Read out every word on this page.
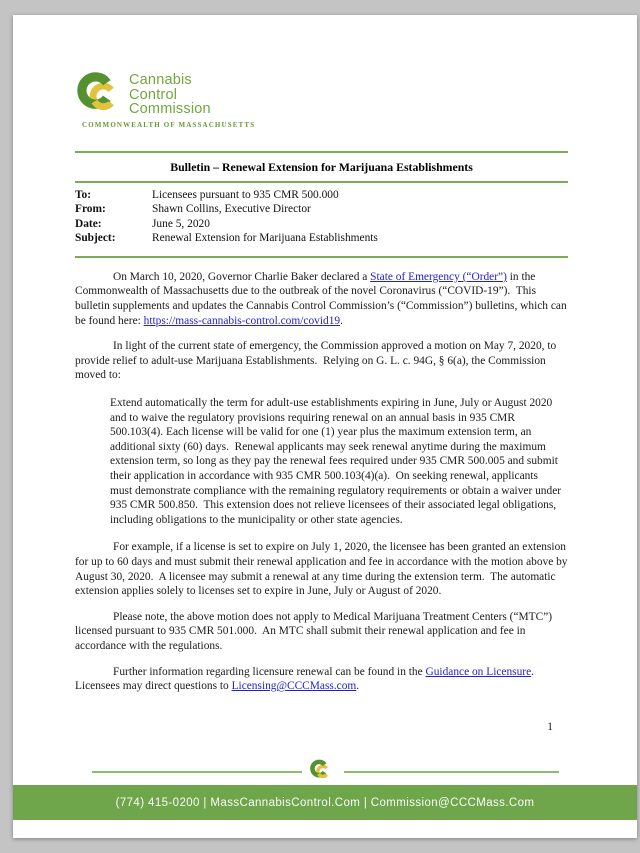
Cannabis
Control
Commission
COMMONWEALTH OF MASSACHUSETTS
Bulletin – Renewal Extension for Marijuana Establishments
To:	Licensees pursuant to 935 CMR 500.000
From:	Shawn Collins, Executive Director
Date:	June 5, 2020
Subject:	Renewal Extension for Marijuana Establishments

On March 10, 2020, Governor Charlie Baker declared a State of Emergency (“Order”) in the Commonwealth of Massachusetts due to the outbreak of the novel Coronavirus (“COVID-19”).  This bulletin supplements and updates the Cannabis Control Commission’s (“Commission”) bulletins, which can be found here: https://mass-cannabis-control.com/covid19.

In light of the current state of emergency, the Commission approved a motion on May 7, 2020, to provide relief to adult-use Marijuana Establishments.  Relying on G. L. c. 94G, § 6(a), the Commission moved to:

Extend automatically the term for adult-use establishments expiring in June, July or August 2020 and to waive the regulatory provisions requiring renewal on an annual basis in 935 CMR 500.103(4). Each license will be valid for one (1) year plus the maximum extension term, an additional sixty (60) days.  Renewal applicants may seek renewal anytime during the maximum extension term, so long as they pay the renewal fees required under 935 CMR 500.005 and submit their application in accordance with 935 CMR 500.103(4)(a).  On seeking renewal, applicants must demonstrate compliance with the remaining regulatory requirements or obtain a waiver under 935 CMR 500.850.  This extension does not relieve licensees of their associated legal obligations, including obligations to the municipality or other state agencies.

For example, if a license is set to expire on July 1, 2020, the licensee has been granted an extension for up to 60 days and must submit their renewal application and fee in accordance with the motion above by August 30, 2020.  A licensee may submit a renewal at any time during the extension term.  The automatic extension applies solely to licenses set to expire in June, July or August of 2020.

Please note, the above motion does not apply to Medical Marijuana Treatment Centers (“MTC”) licensed pursuant to 935 CMR 501.000.  An MTC shall submit their renewal application and fee in accordance with the regulations.

Further information regarding licensure renewal can be found in the Guidance on Licensure.  Licensees may direct questions to Licensing@CCCMass.com.

1
(774) 415-0200 | MassCannabisControl.Com | Commission@CCCMass.Com
